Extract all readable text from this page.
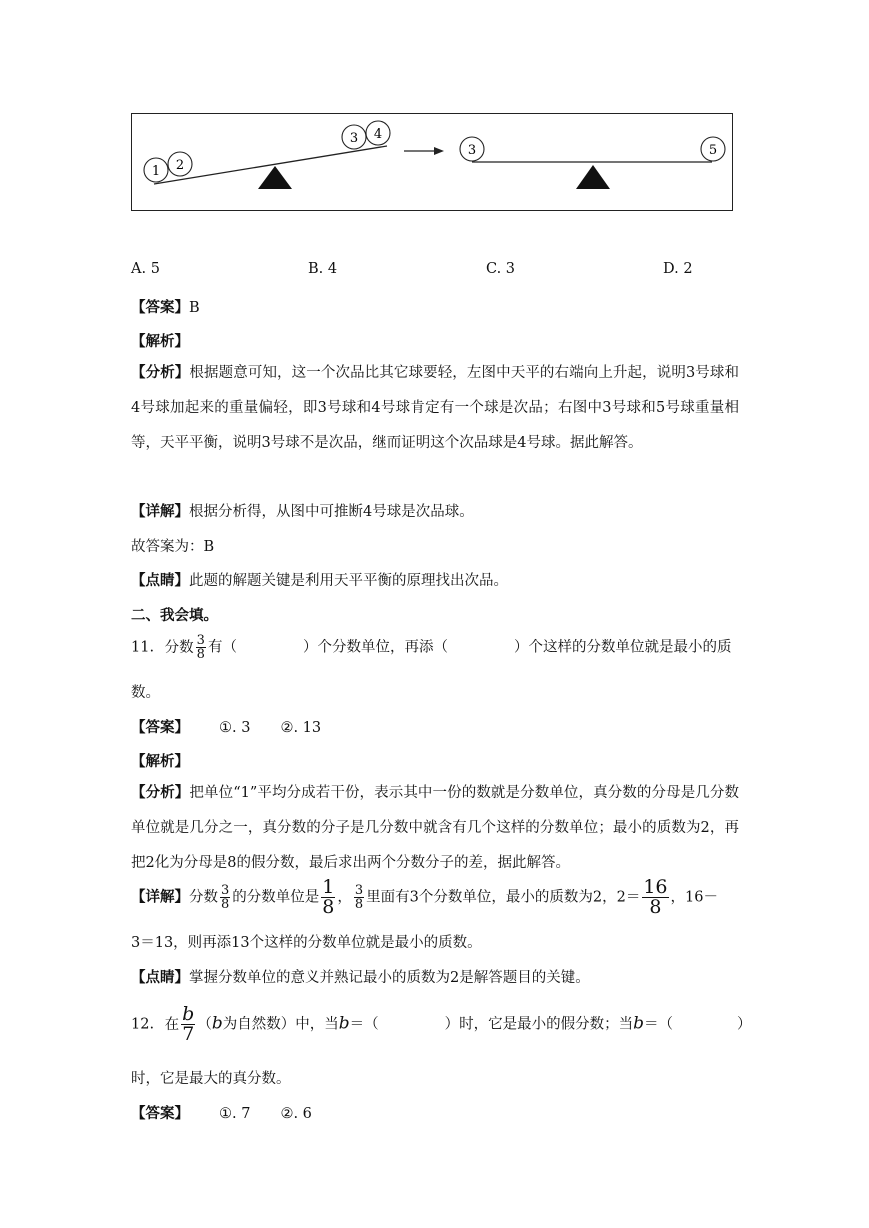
1 2
3 4
3	5
A. 5	B. 4	C. 3	D. 2
【答案】B
【解析】
【分析】根据题意可知，这一个次品比其它球要轻，左图中天平的右端向上升起，说明3号球和4号球加起来的重量偏轻，即3号球和4号球肯定有一个球是次品；右图中3号球和5号球重量相等，天平平衡，说明3号球不是次品，继而证明这个次品球是4号球。据此解答。
【详解】根据分析得，从图中可推断4号球是次品球。
故答案为：B
【点睛】此题的解题关键是利用天平平衡的原理找出次品。
二、我会填。
11. 分数 $\frac{3}{8}$ 有（	）个分数单位，再添（	）个这样的分数单位就是最小的质
数。
【答案】 ①. 3 ②. 13
【解析】
【分析】把单位“1”平均分成若干份，表示其中一份的数就是分数单位，真分数的分母是几分数单位就是几分之一，真分数的分子是几分数中就含有几个这样的分数单位；最小的质数为2，再把2化为分母是8的假分数，最后求出两个分数分子的差，据此解答。
【详解】分数 $\frac{3}{8}$ 的分数单位是 $\frac{1}{8}$ ， $\frac{3}{8}$ 里面有3个分数单位，最小的质数为2，$2= \frac{16}{8}$ ，16－
3＝13，则再添13个这样的分数单位就是最小的质数。
【点睛】掌握分数单位的意义并熟记最小的质数为2是解答题目的关键。
12. 在 $\frac{b}{7} (b$为自然数）中，当b＝（	）时，它是最小的假分数；当b＝（	）
时，它是最大的真分数。
【答案】 ①. 7 ②. 6
